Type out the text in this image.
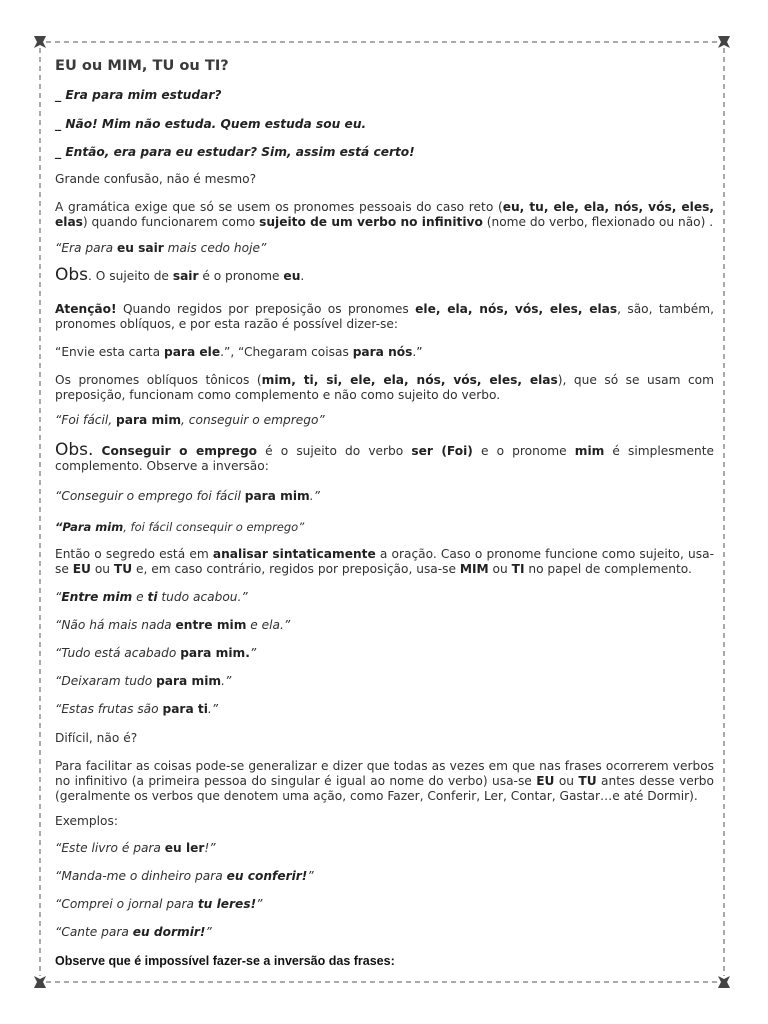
EU ou MIM, TU ou TI?
_ Era para mim estudar?
_ Não! Mim não estuda. Quem estuda sou eu.
_ Então, era para eu estudar? Sim, assim está certo!
Grande confusão, não é mesmo?
A gramática exige que só se usem os pronomes pessoais do caso reto (eu, tu, ele, ela, nós, vós, eles, elas) quando funcionarem como sujeito de um verbo no infinitivo (nome do verbo, flexionado ou não) .
“Era para eu sair mais cedo hoje”
Obs. O sujeito de sair é o pronome eu.
Atenção! Quando regidos por preposição os pronomes ele, ela, nós, vós, eles, elas, são, também, pronomes oblíquos, e por esta razão é possível dizer-se:
“Envie esta carta para ele.”, “Chegaram coisas para nós.”
Os pronomes oblíquos tônicos (mim, ti, si, ele, ela, nós, vós, eles, elas), que só se usam com preposição, funcionam como complemento e não como sujeito do verbo.
“Foi fácil, para mim, conseguir o emprego”
Obs. Conseguir o emprego é o sujeito do verbo ser (Foi) e o pronome mim é simplesmente complemento. Observe a inversão:
“Conseguir o emprego foi fácil para mim.”
“Para mim, foi fácil consequir o emprego”
Então o segredo está em analisar sintaticamente a oração. Caso o pronome funcione como sujeito, usa-se EU ou TU e, em caso contrário, regidos por preposição, usa-se MIM ou TI no papel de complemento.
“Entre mim e ti tudo acabou.”
“Não há mais nada entre mim e ela.”
“Tudo está acabado para mim.”
“Deixaram tudo para mim.”
“Estas frutas são para ti.”
Difícil, não é?
Para facilitar as coisas pode-se generalizar e dizer que todas as vezes em que nas frases ocorrerem verbos no infinitivo (a primeira pessoa do singular é igual ao nome do verbo) usa-se EU ou TU antes desse verbo (geralmente os verbos que denotem uma ação, como Fazer, Conferir, Ler, Contar, Gastar…e até Dormir).
Exemplos:
“Este livro é para eu ler!”
“Manda-me o dinheiro para eu conferir!”
“Comprei o jornal para tu leres!”
“Cante para eu dormir!”
Observe que é impossível fazer-se a inversão das frases:
